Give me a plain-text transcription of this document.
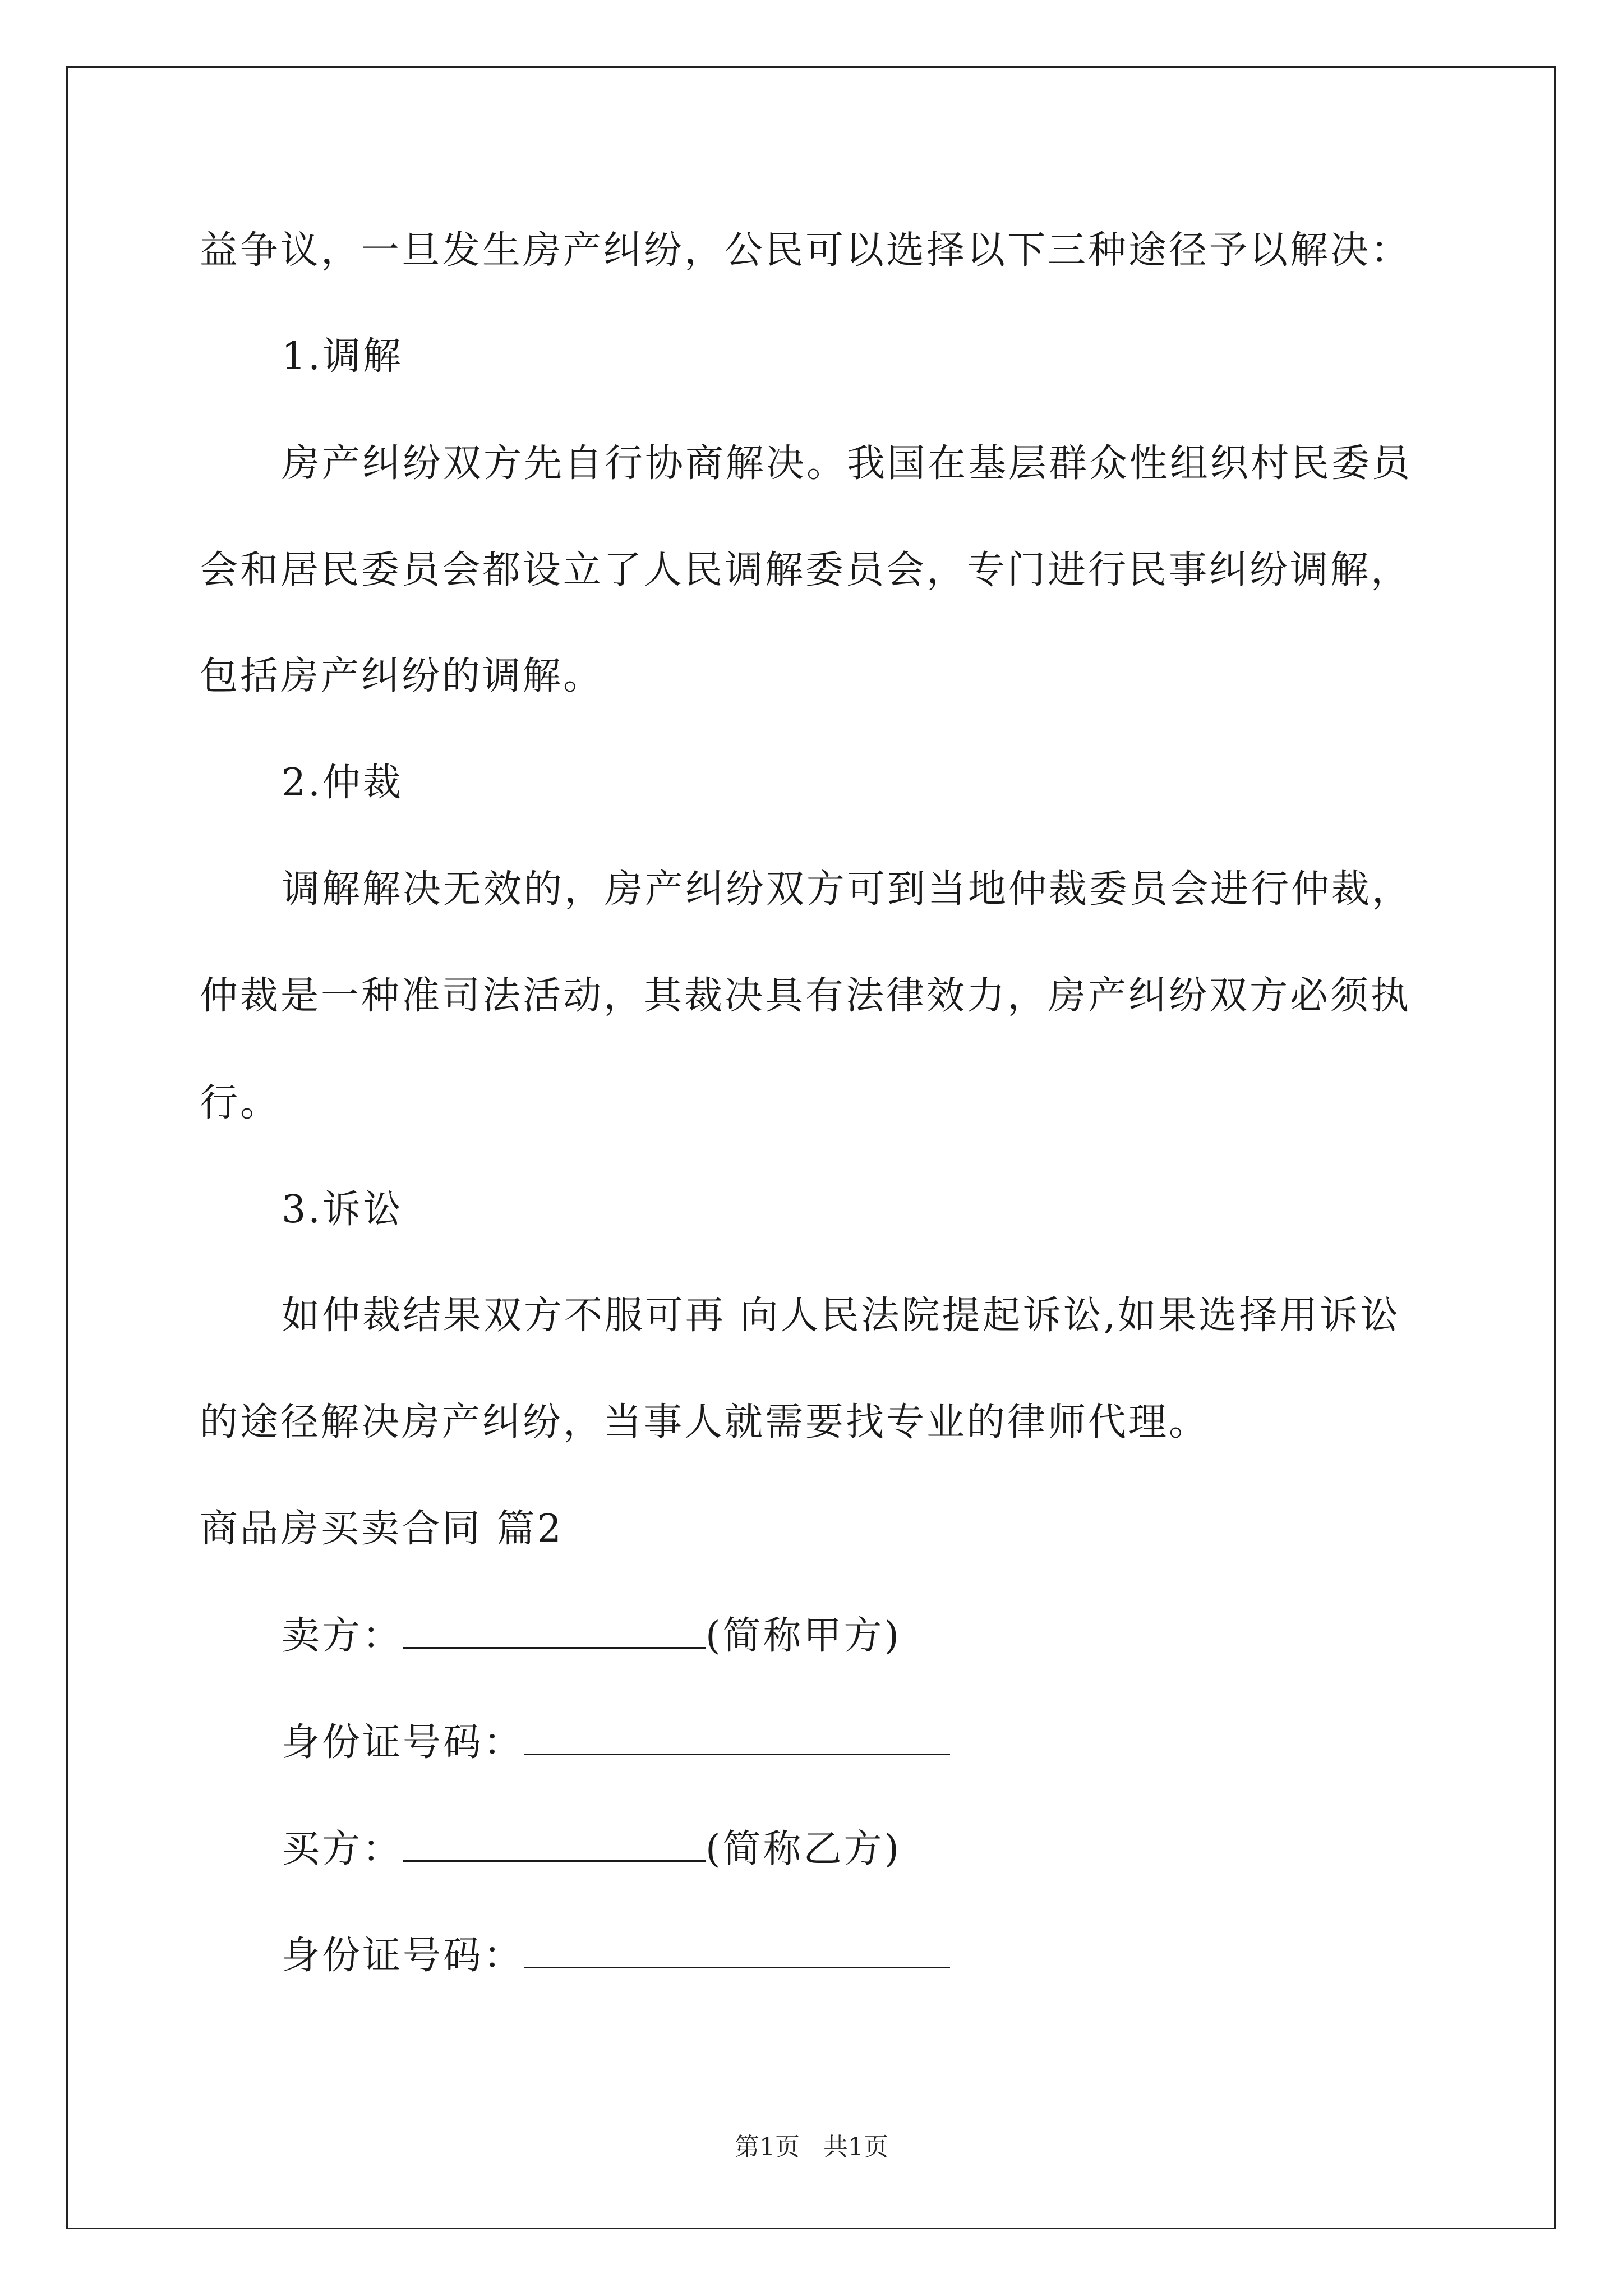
益争议，一旦发生房产纠纷，公民可以选择以下三种途径予以解决：
1.调解
房产纠纷双方先自行协商解决。我国在基层群众性组织村民委员
会和居民委员会都设立了人民调解委员会，专门进行民事纠纷调解，
包括房产纠纷的调解。
2.仲裁
调解解决无效的，房产纠纷双方可到当地仲裁委员会进行仲裁，
仲裁是一种准司法活动，其裁决具有法律效力，房产纠纷双方必须执
行。
3.诉讼
如仲裁结果双方不服可再 向人民法院提起诉讼,如果选择用诉讼
的途径解决房产纠纷，当事人就需要找专业的律师代理。
商品房买卖合同 篇2
卖方：	(简称甲方)
身份证号码：
买方：	(简称乙方)
身份证号码：
第1页 共1页
